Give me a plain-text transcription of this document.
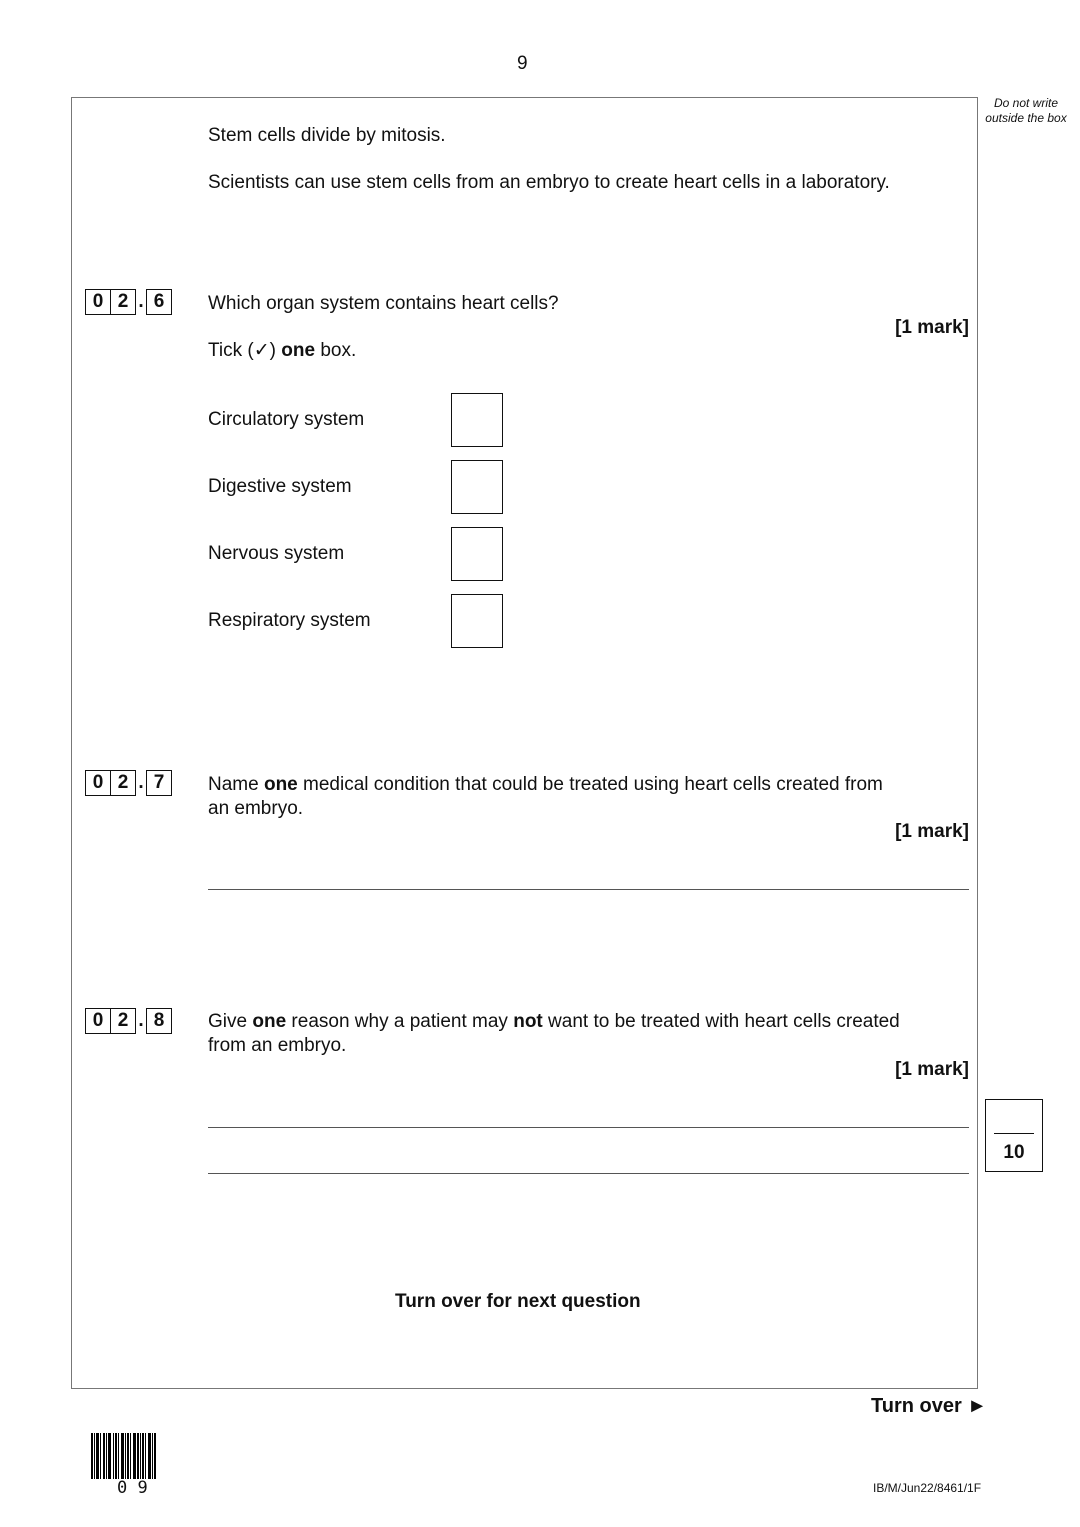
9
Do not write outside the box
Stem cells divide by mitosis.
Scientists can use stem cells from an embryo to create heart cells in a laboratory.
0 2 . 6	Which organ system contains heart cells?
[1 mark]
Tick (✓) one box.
Circulatory system
Digestive system
Nervous system
Respiratory system
0 2 . 7	Name one medical condition that could be treated using heart cells created from
an embryo.
[1 mark]
0 2 . 8	Give one reason why a patient may not want to be treated with heart cells created
from an embryo.
[1 mark]
10
Turn over for next question
Turn over ►
0 9	IB/M/Jun22/8461/1F
